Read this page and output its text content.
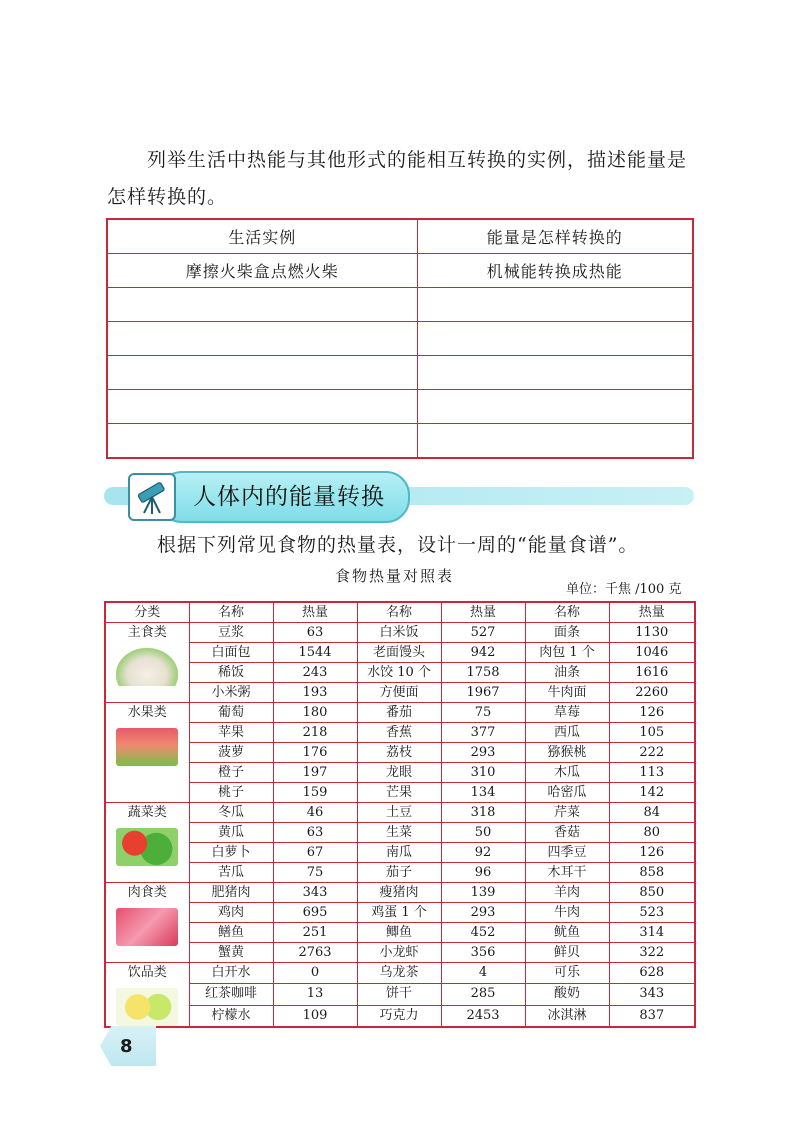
列举生活中热能与其他形式的能相互转换的实例，描述能量是怎样转换的。
生活实例	能量是怎样转换的
摩擦火柴盒点燃火柴	机械能转换成热能

人体内的能量转换
根据下列常见食物的热量表，设计一周的“能量食谱”。
食物热量对照表
单位：千焦 /100 克
分类	名称	热量	名称	热量	名称	热量

主食类	豆浆	63	白米饭	527	面条	1130
	白面包	1544	老面馒头	942	肉包 1 个	1046
	稀饭	243	水饺 10 个	1758	油条	1616
	小米粥	193	方便面	1967	牛肉面	2260

水果类	葡萄	180	番茄	75	草莓	126
	苹果	218	香蕉	377	西瓜	105
	菠萝	176	荔枝	293	猕猴桃	222
	橙子	197	龙眼	310	木瓜	113
	桃子	159	芒果	134	哈密瓜	142

蔬菜类	冬瓜	46	土豆	318	芹菜	84
	黄瓜	63	生菜	50	香菇	80
	白萝卜	67	南瓜	92	四季豆	126
	苦瓜	75	茄子	96	木耳干	858

肉食类	肥猪肉	343	瘦猪肉	139	羊肉	850
	鸡肉	695	鸡蛋 1 个	293	牛肉	523
	鳝鱼	251	鲫鱼	452	鱿鱼	314
	蟹黄	2763	小龙虾	356	鲜贝	322

饮品类	白开水	0	乌龙茶	4	可乐	628
	红茶咖啡	13	饼干	285	酸奶	343
	柠檬水	109	巧克力	2453	冰淇淋	837
8
